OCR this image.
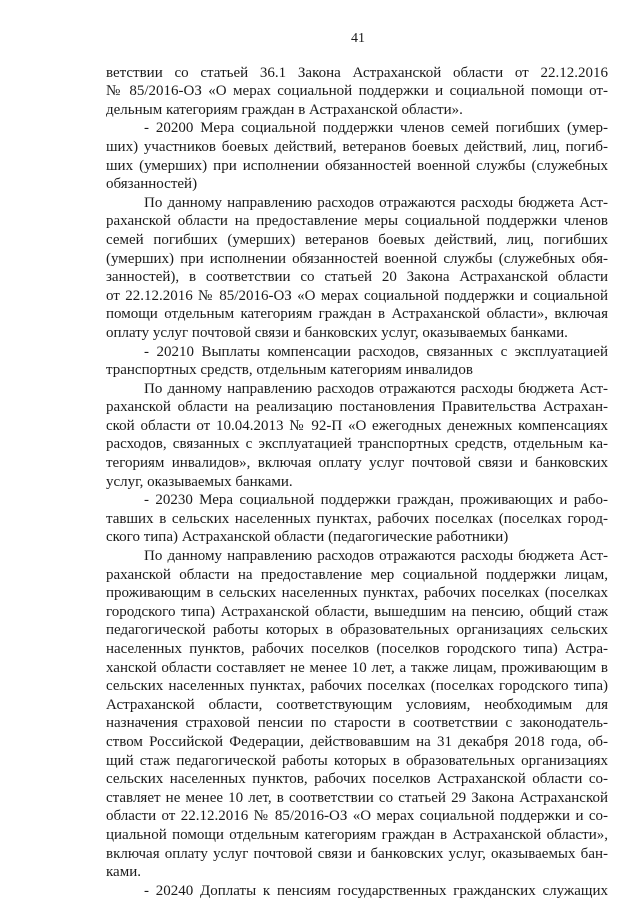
41
ветствии со статьей 36.1 Закона Астраханской области от 22.12.2016
№ 85/2016-ОЗ «О мерах социальной поддержки и социальной помощи от-
дельным категориям граждан в Астраханской области».
- 20200 Мера социальной поддержки членов семей погибших (умер-
ших) участников боевых действий, ветеранов боевых действий, лиц, погиб-
ших (умерших) при исполнении обязанностей военной службы (служебных
обязанностей)
По данному направлению расходов отражаются расходы бюджета Аст-
раханской области на предоставление меры социальной поддержки членов
семей погибших (умерших) ветеранов боевых действий, лиц, погибших
(умерших) при исполнении обязанностей военной службы (служебных обя-
занностей), в соответствии со статьей 20 Закона Астраханской области
от 22.12.2016 № 85/2016-ОЗ «О мерах социальной поддержки и социальной
помощи отдельным категориям граждан в Астраханской области», включая
оплату услуг почтовой связи и банковских услуг, оказываемых банками.
- 20210 Выплаты компенсации расходов, связанных с эксплуатацией
транспортных средств, отдельным категориям инвалидов
По данному направлению расходов отражаются расходы бюджета Аст-
раханской области на реализацию постановления Правительства Астрахан-
ской области от 10.04.2013 № 92-П «О ежегодных денежных компенсациях
расходов, связанных с эксплуатацией транспортных средств, отдельным ка-
тегориям инвалидов», включая оплату услуг почтовой связи и банковских
услуг, оказываемых банками.
- 20230 Мера социальной поддержки граждан, проживающих и рабо-
тавших в сельских населенных пунктах, рабочих поселках (поселках город-
ского типа) Астраханской области (педагогические работники)
По данному направлению расходов отражаются расходы бюджета Аст-
раханской области на предоставление мер социальной поддержки лицам,
проживающим в сельских населенных пунктах, рабочих поселках (поселках
городского типа) Астраханской области, вышедшим на пенсию, общий стаж
педагогической работы которых в образовательных организациях сельских
населенных пунктов, рабочих поселков (поселков городского типа) Астра-
ханской области составляет не менее 10 лет, а также лицам, проживающим в
сельских населенных пунктах, рабочих поселках (поселках городского типа)
Астраханской области, соответствующим условиям, необходимым для
назначения страховой пенсии по старости в соответствии с законодатель-
ством Российской Федерации, действовавшим на 31 декабря 2018 года, об-
щий стаж педагогической работы которых в образовательных организациях
сельских населенных пунктов, рабочих поселков Астраханской области со-
ставляет не менее 10 лет, в соответствии со статьей 29 Закона Астраханской
области от 22.12.2016 № 85/2016-ОЗ «О мерах социальной поддержки и со-
циальной помощи отдельным категориям граждан в Астраханской области»,
включая оплату услуг почтовой связи и банковских услуг, оказываемых бан-
ками.
- 20240 Доплаты к пенсиям государственных гражданских служащих
